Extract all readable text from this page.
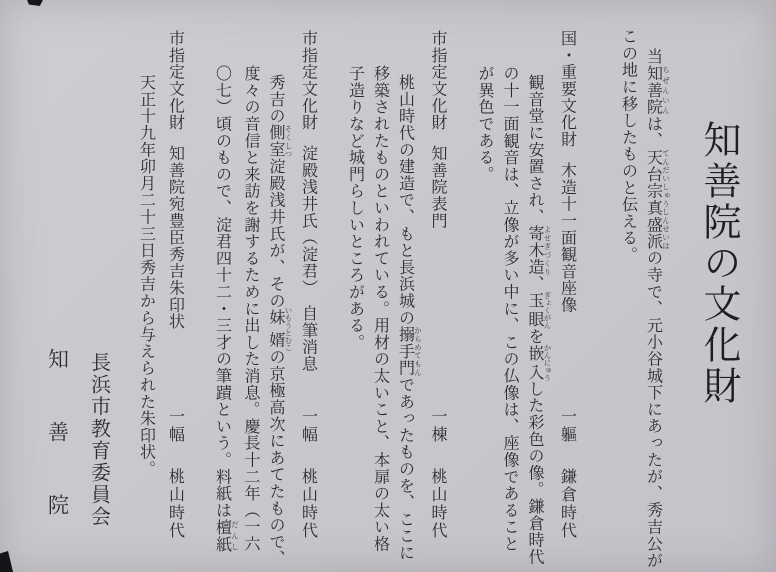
知善院の文化財
当知善院ちぜんいんは、天台宗真盛派てんだいしゅうしんせいはの寺で、元小谷城下にあったが、秀吉公が
この地に移したものと伝える。
国・重要文化財木造十一面観音座像
一軀
鎌倉時代
観音堂に安置され、寄木造よせぎづくり、玉眼ぎょくがんを嵌入かんにゅうした彩色の像。鎌倉時代
の十一面観音は、立像が多い中に、この仏像は、座像であること
が異色である。
市指定文化財知善院表門
一棟
桃山時代
桃山時代の建造で、もと長浜城の搦手門からめてもんであったものを、ここに
移築されたものといわれている。用材の太いこと、本扉の太い格
子造りなど城門らしいところがある。
市指定文化財淀殿浅井氏（淀君）　自筆消息
一幅
桃山時代
秀吉の側室そくしつ淀殿浅井氏が、その妹婿いもうとむこの京極高次にあてたもので、
度々の音信と来訪を謝するために出した消息。慶長十二年（一六
〇七）頃のもので、淀君四十二・三才の筆蹟という。料紙は檀紙だんし
市指定文化財知善院宛豊臣秀吉朱印状
一幅
桃山時代
天正十九年卯月二十三日秀吉から与えられた朱印状。
長浜市教育委員会
知善院
